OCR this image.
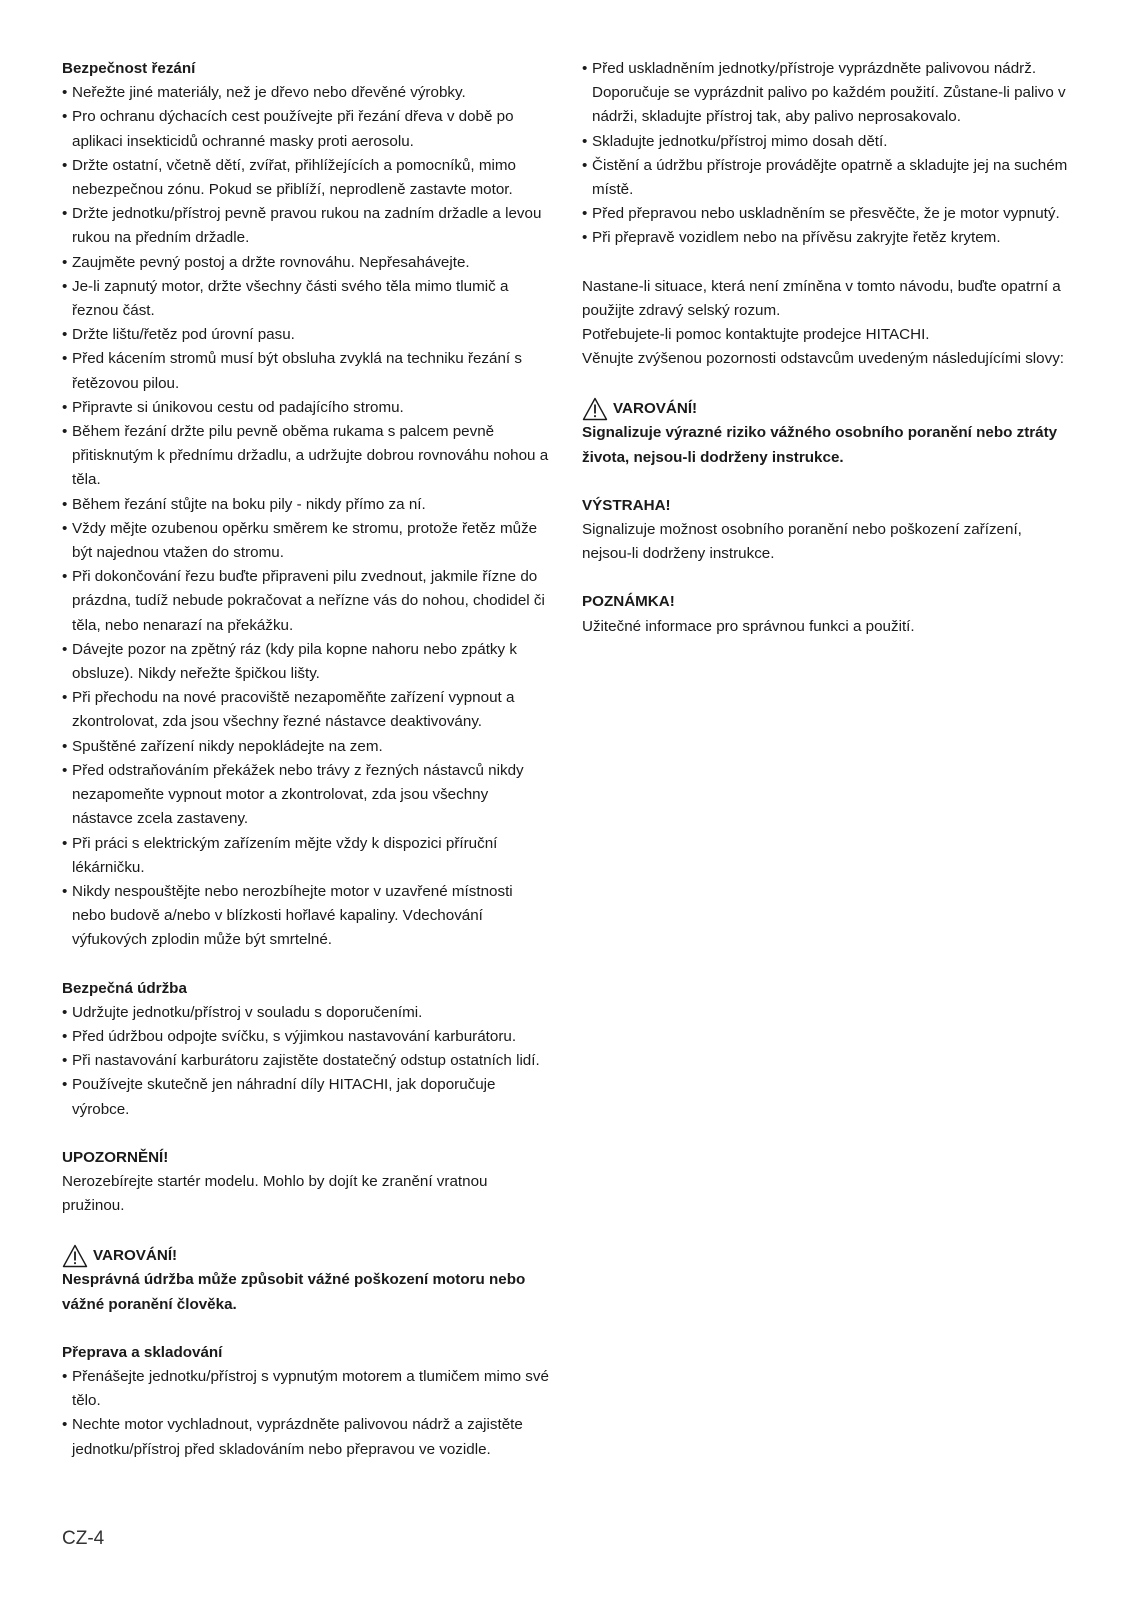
Bezpečnost řezání

• Neřežte jiné materiály, než je dřevo nebo dřevěné výrobky.
• Pro ochranu dýchacích cest používejte při řezání dřeva v době po aplikaci insekticidů ochranné masky proti aerosolu.
• Držte ostatní, včetně dětí, zvířat, přihlížejících a pomocníků, mimo nebezpečnou zónu. Pokud se přiblíží, neprodleně zastavte motor.
• Držte jednotku/přístroj pevně pravou rukou na zadním držadle a levou rukou na předním držadle.
• Zaujměte pevný postoj a držte rovnováhu. Nepřesahávejte.
• Je-li zapnutý motor, držte všechny části svého těla mimo tlumič a řeznou část.
• Držte lištu/řetěz pod úrovní pasu.
• Před kácením stromů musí být obsluha zvyklá na techniku řezání s řetězovou pilou.
• Připravte si únikovou cestu od padajícího stromu.
• Během řezání držte pilu pevně oběma rukama s palcem pevně přitisknutým k přednímu držadlu, a udržujte dobrou rovnováhu nohou a těla.
• Během řezání stůjte na boku pily - nikdy přímo za ní.
• Vždy mějte ozubenou opěrku směrem ke stromu, protože řetěz může být najednou vtažen do stromu.
• Při dokončování řezu buďte připraveni pilu zvednout, jakmile řízne do prázdna, tudíž nebude pokračovat a neřízne vás do nohou, chodidel či těla, nebo nenarazí na překážku.
• Dávejte pozor na zpětný ráz (kdy pila kopne nahoru nebo zpátky k obsluze). Nikdy neřežte špičkou lišty.
• Při přechodu na nové pracoviště nezapoměňte zařízení vypnout a zkontrolovat, zda jsou všechny řezné nástavce deaktivovány.
• Spuštěné zařízení nikdy nepokládejte na zem.
• Před odstraňováním překážek nebo trávy z řezných nástavců nikdy nezapomeňte vypnout motor a zkontrolovat, zda jsou všechny nástavce zcela zastaveny.
• Při práci s elektrickým zařízením mějte vždy k dispozici příruční lékárničku.
• Nikdy nespouštějte nebo nerozbíhejte motor v uzavřené místnosti nebo budově a/nebo v blízkosti hořlavé kapaliny. Vdechování výfukových zplodin může být smrtelné.

Bezpečná údržba

• Udržujte jednotku/přístroj v souladu s doporučeními.
• Před údržbou odpojte svíčku, s výjimkou nastavování karburátoru.
• Při nastavování karburátoru zajistěte dostatečný odstup ostatních lidí.
• Používejte skutečně jen náhradní díly HITACHI, jak doporučuje výrobce.

UPOZORNĚNÍ!

Nerozebírejte startér modelu. Mohlo by dojít ke zranění vratnou pružinou.

VAROVÁNÍ!

Nesprávná údržba může způsobit vážné poškození motoru nebo vážné poranění člověka.

Přeprava a skladování

• Přenášejte jednotku/přístroj s vypnutým motorem a tlumičem mimo své tělo.
• Nechte motor vychladnout, vyprázdněte palivovou nádrž a zajistěte jednotku/přístroj před skladováním nebo přepravou ve vozidle.
• Před uskladněním jednotky/přístroje vyprázdněte palivovou nádrž. Doporučuje se vyprázdnit palivo po každém použití. Zůstane-li palivo v nádrži, skladujte přístroj tak, aby palivo neprosakovalo.
• Skladujte jednotku/přístroj mimo dosah dětí.
• Čistění a údržbu přístroje provádějte opatrně a skladujte jej na suchém místě.
• Před přepravou nebo uskladněním se přesvěčte, že je motor vypnutý.
• Při přepravě vozidlem nebo na přívěsu zakryjte řetěz krytem.

Nastane-li situace, která není zmíněna v tomto návodu, buďte opatrní a použijte zdravý selský rozum.

Potřebujete-li pomoc kontaktujte prodejce HITACHI.

Věnujte zvýšenou pozornosti odstavcům uvedeným následujícími slovy:

VAROVÁNÍ!

Signalizuje výrazné riziko vážného osobního poranění nebo ztráty života, nejsou-li dodrženy instrukce.

VÝSTRAHA!

Signalizuje možnost osobního poranění nebo poškození zařízení, nejsou-li dodrženy instrukce.

POZNÁMKA!

Užitečné informace pro správnou funkci a použití.

CZ-4
